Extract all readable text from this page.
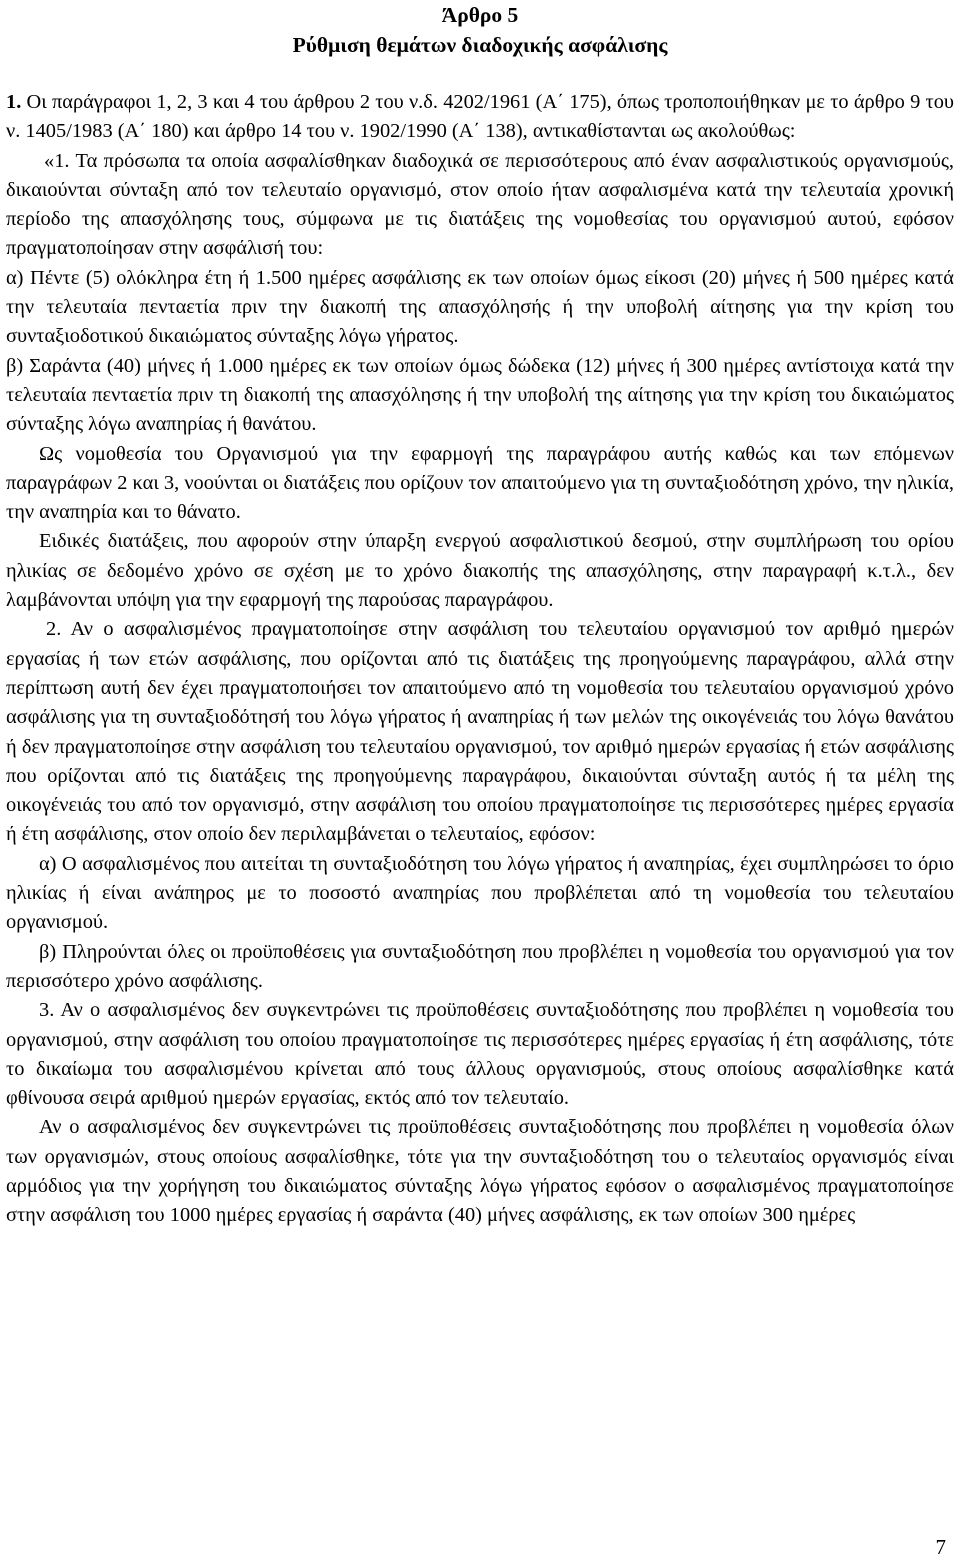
Άρθρο 5
Ρύθμιση θεμάτων διαδοχικής ασφάλισης

1. Οι παράγραφοι 1, 2, 3 και 4 του άρθρου 2 του ν.δ. 4202/1961 (Α΄ 175), όπως τροποποιήθηκαν με το άρθρο 9 του ν. 1405/1983 (Α΄ 180) και άρθρο 14 του ν. 1902/1990 (Α΄ 138), αντικαθίστανται ως ακολούθως:

«1. Τα πρόσωπα τα οποία ασφαλίσθηκαν διαδοχικά σε περισσότερους από έναν ασφαλιστικούς οργανισμούς, δικαιούνται σύνταξη από τον τελευταίο οργανισμό, στον οποίο ήταν ασφαλισμένα κατά την τελευταία χρονική περίοδο της απασχόλησης τους, σύμφωνα με τις διατάξεις της νομοθεσίας του οργανισμού αυτού, εφόσον πραγματοποίησαν στην ασφάλισή του:

α) Πέντε (5) ολόκληρα έτη ή 1.500 ημέρες ασφάλισης εκ των οποίων όμως είκοσι (20) μήνες ή 500 ημέρες κατά την τελευταία πενταετία πριν την διακοπή της απασχόλησής ή την υποβολή αίτησης για την κρίση του συνταξιοδοτικού δικαιώματος σύνταξης λόγω γήρατος.

β) Σαράντα (40) μήνες ή 1.000 ημέρες εκ των οποίων όμως δώδεκα (12) μήνες ή 300 ημέρες αντίστοιχα κατά την τελευταία πενταετία πριν τη διακοπή της απασχόλησης ή την υποβολή της αίτησης για την κρίση του δικαιώματος σύνταξης λόγω αναπηρίας ή θανάτου.

Ως νομοθεσία του Οργανισμού για την εφαρμογή της παραγράφου αυτής καθώς και των επόμενων παραγράφων 2 και 3, νοούνται οι διατάξεις που ορίζουν τον απαιτούμενο για τη συνταξιοδότηση χρόνο, την ηλικία, την αναπηρία και το θάνατο.

Ειδικές διατάξεις, που αφορούν στην ύπαρξη ενεργού ασφαλιστικού δεσμού, στην συμπλήρωση του ορίου ηλικίας σε δεδομένο χρόνο σε σχέση με το χρόνο διακοπής της απασχόλησης, στην παραγραφή κ.τ.λ., δεν λαμβάνονται υπόψη για την εφαρμογή της παρούσας παραγράφου.

2. Αν ο ασφαλισμένος πραγματοποίησε στην ασφάλιση του τελευταίου οργανισμού τον αριθμό ημερών εργασίας ή των ετών ασφάλισης, που ορίζονται από τις διατάξεις της προηγούμενης παραγράφου, αλλά στην περίπτωση αυτή δεν έχει πραγματοποιήσει τον απαιτούμενο από τη νομοθεσία του τελευταίου οργανισμού χρόνο ασφάλισης για τη συνταξιοδότησή του λόγω γήρατος ή αναπηρίας ή των μελών της οικογένειάς του λόγω θανάτου ή δεν πραγματοποίησε στην ασφάλιση του τελευταίου οργανισμού, τον αριθμό ημερών εργασίας ή ετών ασφάλισης που ορίζονται από τις διατάξεις της προηγούμενης παραγράφου, δικαιούνται σύνταξη αυτός ή τα μέλη της οικογένειάς του από τον οργανισμό, στην ασφάλιση του οποίου πραγματοποίησε τις περισσότερες ημέρες εργασία ή έτη ασφάλισης, στον οποίο δεν περιλαμβάνεται ο τελευταίος, εφόσον:

α) Ο ασφαλισμένος που αιτείται τη συνταξιοδότηση του λόγω γήρατος ή αναπηρίας, έχει συμπληρώσει το όριο ηλικίας ή είναι ανάπηρος με το ποσοστό αναπηρίας που προβλέπεται από τη νομοθεσία του τελευταίου οργανισμού.

β) Πληρούνται όλες οι προϋποθέσεις για συνταξιοδότηση που προβλέπει η νομοθεσία του οργανισμού για τον περισσότερο χρόνο ασφάλισης.

3. Αν ο ασφαλισμένος δεν συγκεντρώνει τις προϋποθέσεις συνταξιοδότησης που προβλέπει η νομοθεσία του οργανισμού, στην ασφάλιση του οποίου πραγματοποίησε τις περισσότερες ημέρες εργασίας ή έτη ασφάλισης, τότε το δικαίωμα του ασφαλισμένου κρίνεται από τους άλλους οργανισμούς, στους οποίους ασφαλίσθηκε κατά φθίνουσα σειρά αριθμού ημερών εργασίας, εκτός από τον τελευταίο.

Αν ο ασφαλισμένος δεν συγκεντρώνει τις προϋποθέσεις συνταξιοδότησης που προβλέπει η νομοθεσία όλων των οργανισμών, στους οποίους ασφαλίσθηκε, τότε για την συνταξιοδότηση του ο τελευταίος οργανισμός είναι αρμόδιος για την χορήγηση του δικαιώματος σύνταξης λόγω γήρατος εφόσον ο ασφαλισμένος πραγματοποίησε στην ασφάλιση του 1000 ημέρες εργασίας ή σαράντα (40) μήνες ασφάλισης, εκ των οποίων 300 ημέρες

7
